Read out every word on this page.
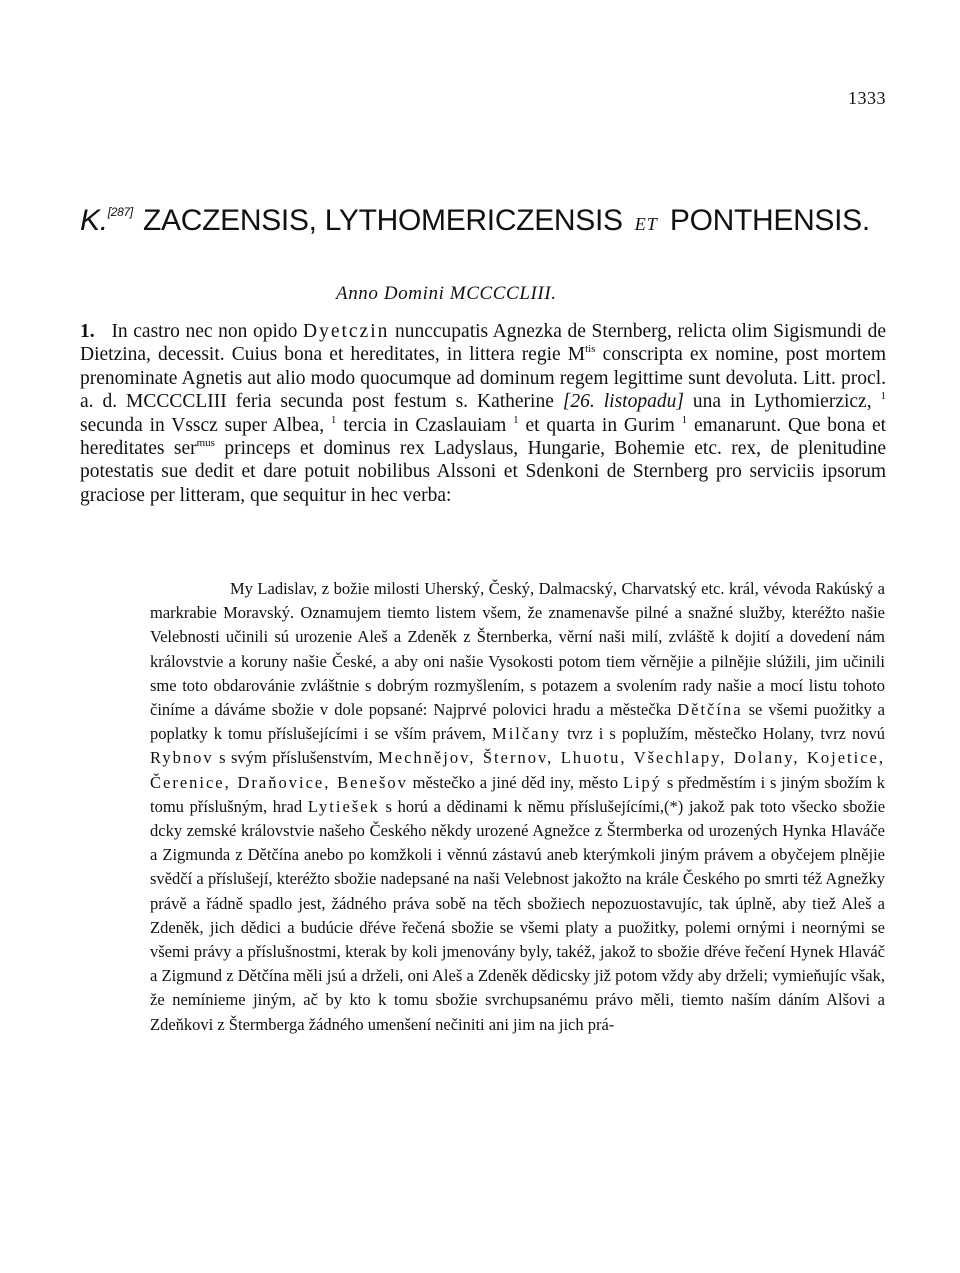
1333
K.[287] ZACZENSIS, LYTHOMERICZENSIS ET PONTHENSIS.
Anno Domini MCCCCLIII.

1. In castro nec non opido Dyetczin nunccupatis Agnezka de Sternberg, relicta olim Sigismundi de Dietzina, decessit. Cuius bona et hereditates, in littera regie $M^{tis}$ conscripta ex nomine, post mortem prenominate Agnetis aut alio modo quocumque ad dominum regem legittime sunt devoluta. Litt. procl. a. d. MCCCCLIII feria secunda post festum s. Katherine [26. listopadu] una in Lythomierzicz, $^1$ secunda in Vsscz super Albea, $^1$ tercia in Czaslauiam $^1$ et quarta in Gurim $^1$ emanarunt. Que bona et hereditates ser$^{mus}$ princeps et dominus rex Ladyslaus, Hungarie, Bohemie etc. rex, de plenitudine potestatis sue dedit et dare potuit nobilibus Alssoni et Sdenkoni de Sternberg pro serviciis ipsorum graciose per litteram, que sequitur in hec verba:

My Ladislav, z božie milosti Uherský, Český, Dalmacský, Charvatský etc. král, vévoda Rakúský a markrabie Moravský. Oznamujem tiemto listem všem, že znamenavše pilné a snažné služby, kteréžto našie Velebnosti učinili sú urozenie Aleš a Zdeněk z Šternberka, věrní naši milí, zvláště k dojití a dovedení nám královstvie a koruny našie České, a aby oni našie Vysokosti potom tiem věrnějie a pilnějie slúžili, jim učinili sme toto obdarovánie zvláštnie s dobrým rozmyšlením, s potazem a svolením rady našie a mocí listu tohoto činíme a dáváme sbožie v dole popsané: Najprvé polovici hradu a městečka Dětčína se všemi puožitky a poplatky k tomu příslušejícími i se vším právem, Milčany tvrz i s poplužím, městečko Holany, tvrz novú Rybnov s svým příslušenstvím, Mechnějov, Šternov, Lhuotu, Všechlapy, Dolany, Kojetice, Čerenice, Draňovice, Benešov městečko a jiné děd iny, město Lipý s předměstím i s jiným sbožím k tomu příslušným, hrad Lytiešek s horú a dědinami k němu příslušejícími,(*) jakož pak toto všecko sbožie dcky zemské královstvie našeho Českého někdy urozené Agnežce z Štermberka od urozených Hynka Hlaváče a Zigmunda z Dětčína anebo po komžkoli i věnnú zástavú aneb kterýmkoli jiným právem a obyčejem plnějie svědčí a příslušejí, kteréžto sbožie nadepsané na naši Velebnost jakožto na krále Českého po smrti též Agnežky právě a řádně spadlo jest, žádného práva sobě na těch sbožiech nepozuostavujíc, tak úplně, aby tiež Aleš a Zdeněk, jich dědici a budúcie dřéve řečená sbožie se všemi platy a puožitky, polemi ornými i neornými se všemi právy a příslušnostmi, kterak by koli jmenovány byly, takéž, jakož to sbožie dřéve řečení Hynek Hlaváč a Zigmund z Dětčína měli jsú a drželi, oni Aleš a Zdeněk dědicsky již potom vždy aby drželi; vymieňujíc však, že nemínieme jiným, ač by kto k tomu sbožie svrchupsanému právo měli, tiemto naším dáním Alšovi a Zdeňkovi z Štermberga žádného umenšení nečiniti ani jim na jich prá-
